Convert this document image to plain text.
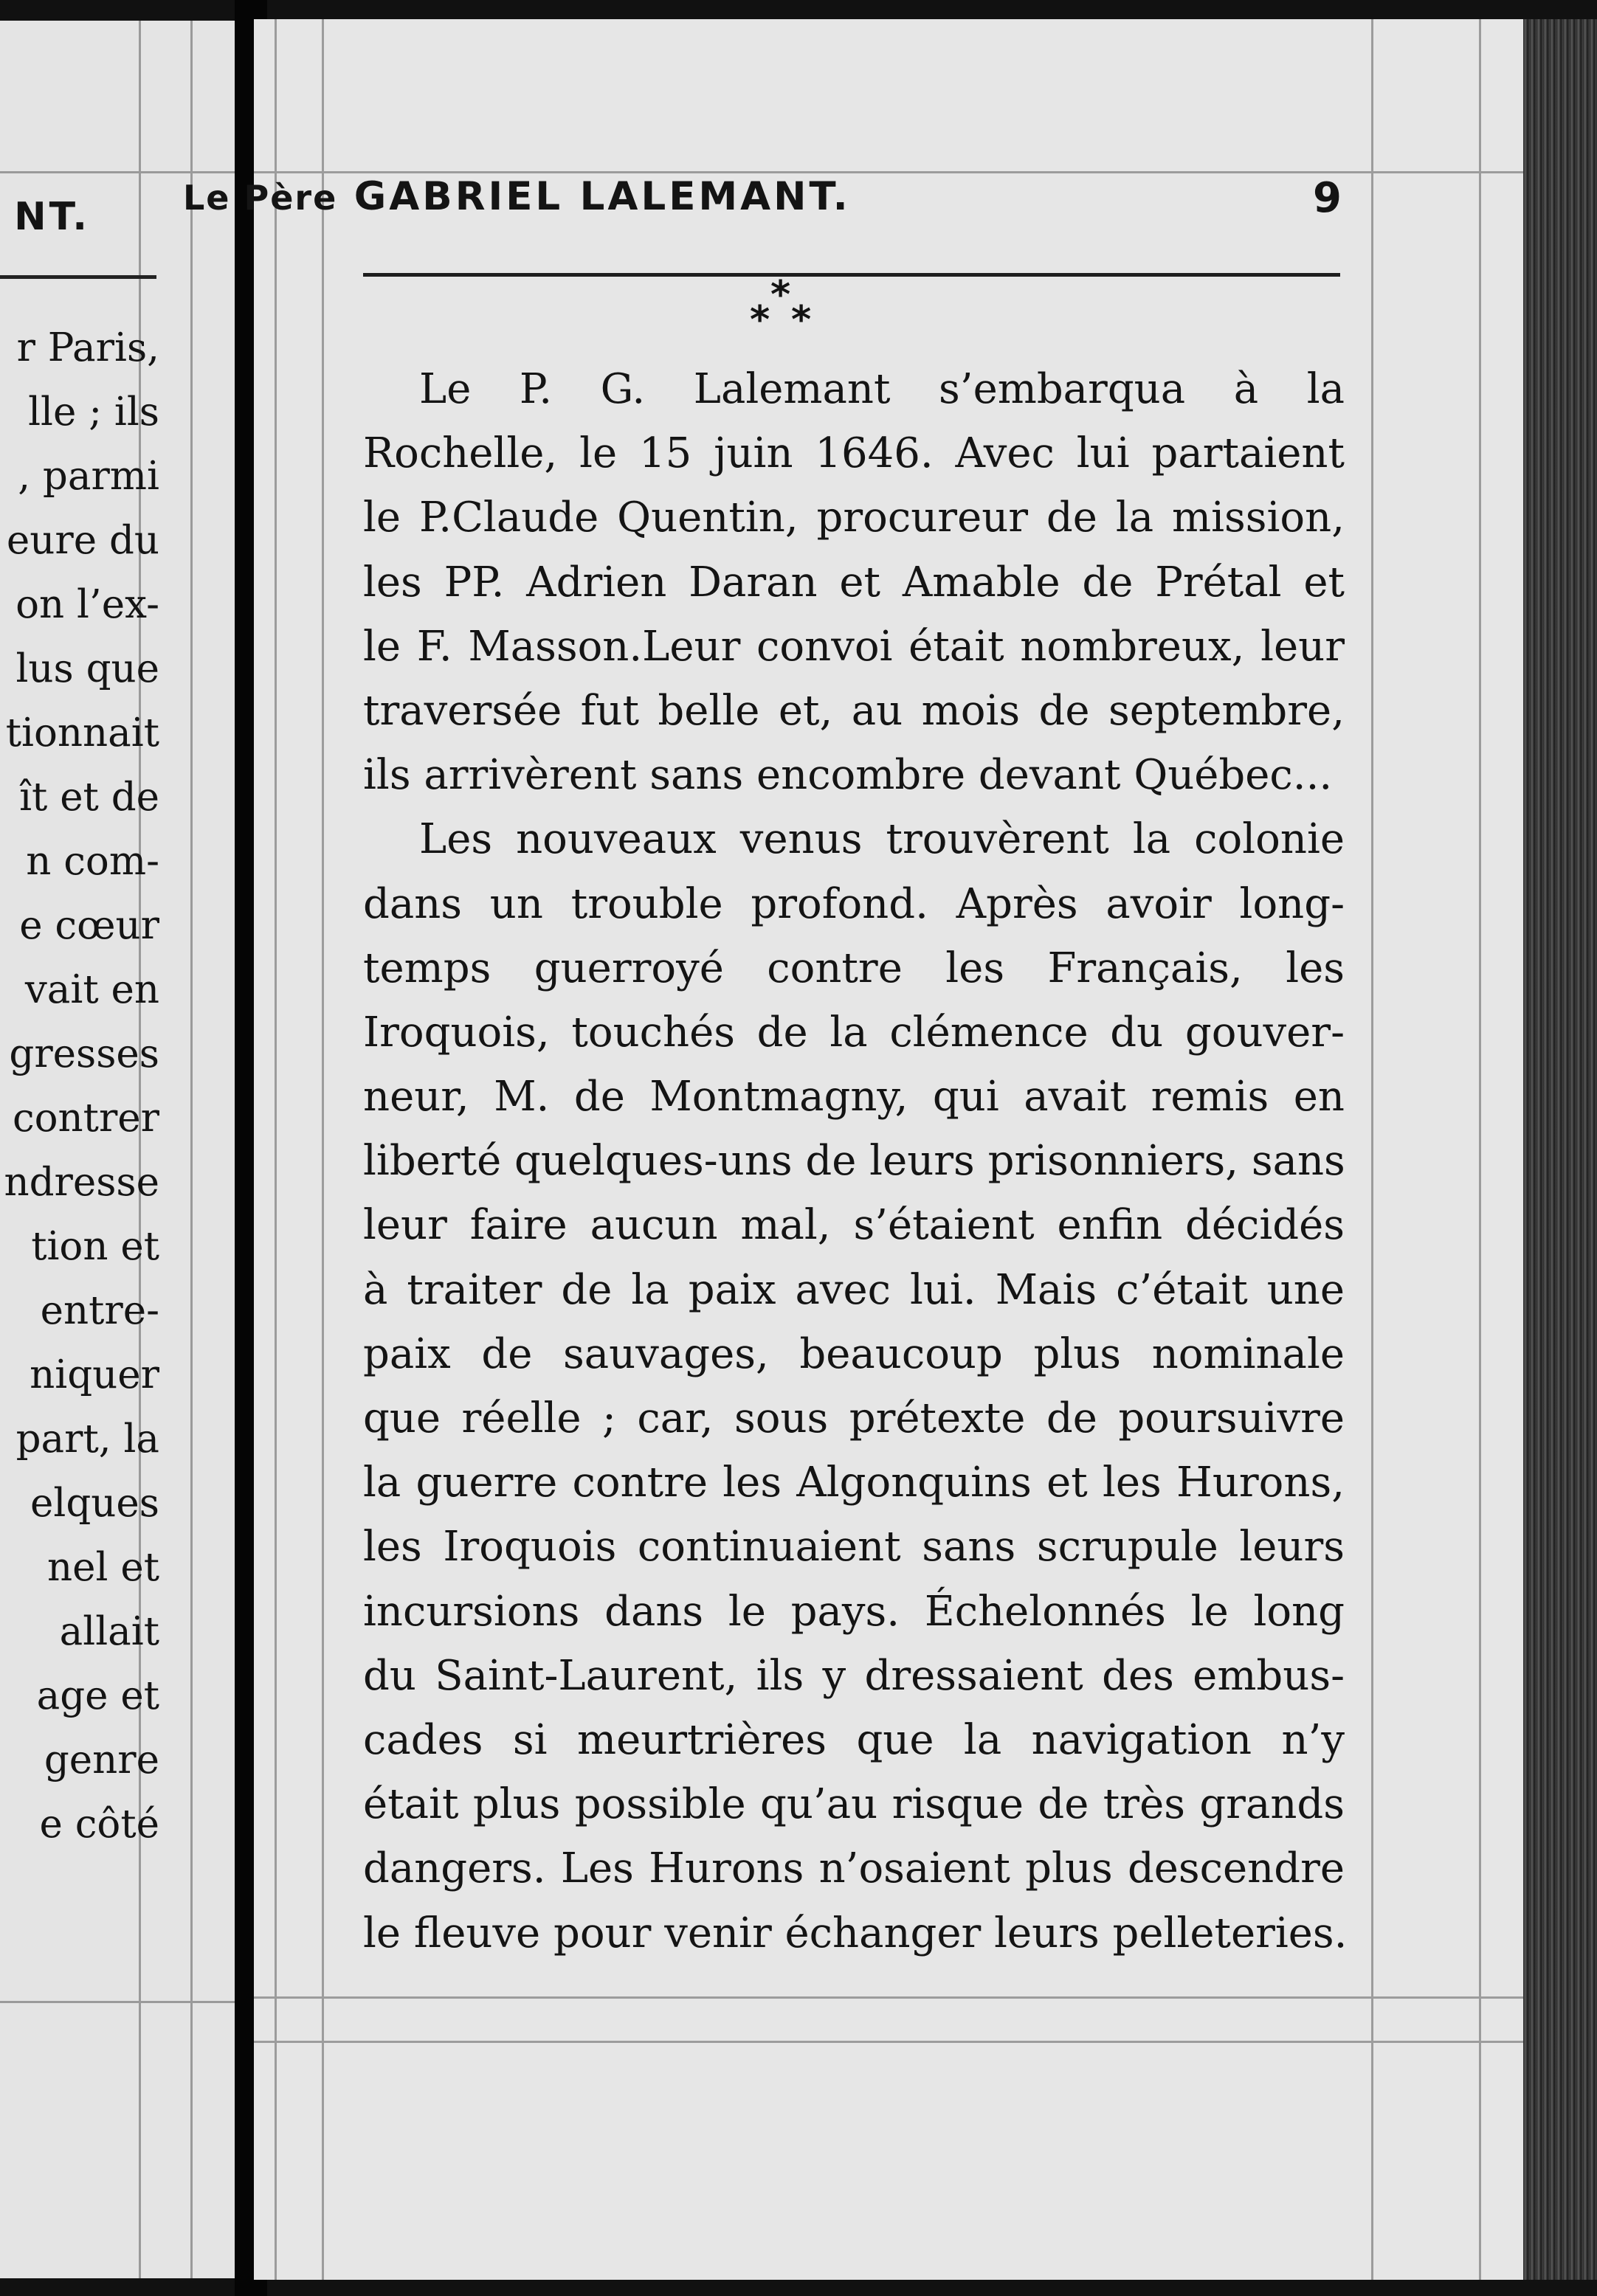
NT.
r Paris,
lle ; ils
, parmi
eure du
on l’ex-
lus que
tionnait
ît et de
n com-
e cœur
vait en
gresses
contrer
ndresse
tion et
entre-
niquer
part, la
elques
nel et
allait
age et
genre
e côté
Le Père GABRIEL LALEMANT.	9
*
* *
Le P. G. Lalemant s’embarqua à la
Rochelle, le 15 juin 1646. Avec lui partaient
le P.Claude Quentin, procureur de la mission,
les PP. Adrien Daran et Amable de Prétal et
le F. Masson.Leur convoi était nombreux, leur
traversée fut belle et, au mois de septembre,
ils arrivèrent sans encombre devant Québec...
Les nouveaux venus trouvèrent la colonie
dans un trouble profond. Après avoir long-
temps guerroyé contre les Français, les
Iroquois, touchés de la clémence du gouver-
neur, M. de Montmagny, qui avait remis en
liberté quelques-uns de leurs prisonniers, sans
leur faire aucun mal, s’étaient enfin décidés
à traiter de la paix avec lui. Mais c’était une
paix de sauvages, beaucoup plus nominale
que réelle ; car, sous prétexte de poursuivre
la guerre contre les Algonquins et les Hurons,
les Iroquois continuaient sans scrupule leurs
incursions dans le pays. Échelonnés le long
du Saint-Laurent, ils y dressaient des embus-
cades si meurtrières que la navigation n’y
était plus possible qu’au risque de très grands
dangers. Les Hurons n’osaient plus descendre
le fleuve pour venir échanger leurs pelleteries.
